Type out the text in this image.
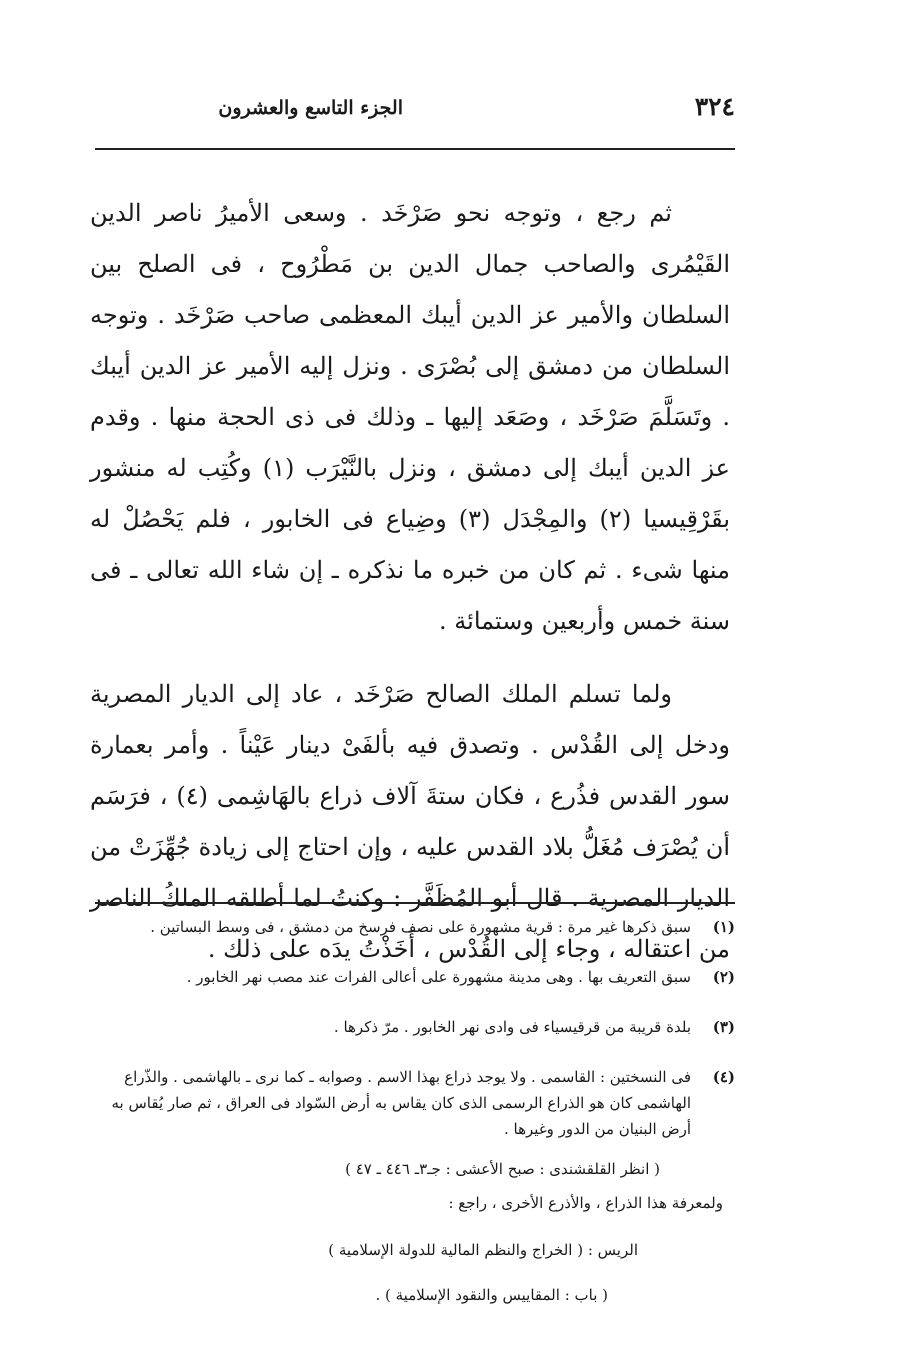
٣٢٤
الجزء التاسع والعشرون

ثم رجع ، وتوجه نحو صَرْخَد . وسعى الأميرُ ناصر الدين القَيْمُرى والصاحب جمال الدين بن مَطْرُوح ، فى الصلح بين السلطان والأمير عز الدين أيبك المعظمى صاحب صَرْخَد . وتوجه السلطان من دمشق إلى بُصْرَى . ونزل إليه الأمير عز الدين أيبك . وتَسَلَّمَ صَرْخَد ، وصَعَد إليها ـ وذلك فى ذى الحجة منها . وقدم عز الدين أيبك إلى دمشق ، ونزل بالنَّيْرَب (١) وكُتِب له منشور بقَرْقِيسيا (٢) والمِجْدَل (٣) وضِياع فى الخابور ، فلم يَحْصُلْ له منها شىء . ثم كان من خبره ما نذكره ـ إن شاء الله تعالى ـ فى سنة خمس وأربعين وستمائة .

ولما تسلم الملك الصالح صَرْخَد ، عاد إلى الديار المصرية ودخل إلى القُدْس . وتصدق فيه بألفَىْ دينار عَيْناً . وأمر بعمارة سور القدس فذُرع ، فكان ستةَ آلاف ذراع بالهَاشِمى (٤) ، فرَسَم أن يُصْرَف مُغَلُّ بلاد القدس عليه ، وإن احتاج إلى زيادة جُهِّزَتْ من الديار المصرية . قال أبو المُظَفَّر : وكنتُ لما أطلقه الملكُ الناصر من اعتقاله ، وجاء إلى القُدْس ، أَخَذْتُ يدَه على ذلك .

(١)
سبق ذكرها غير مرة : قرية مشهورة على نصف فرسخ من دمشق ، فى وسط البساتين .
(٢)
سبق التعريف بها . وهى مدينة مشهورة على أعالى الفرات عند مصب نهر الخابور .
(٣)
بلدة قريبة من قرقيسياء فى وادى نهر الخابور . مرّ ذكرها .
(٤)
فى النسختين : القاسمى . ولا يوجد ذراع بهذا الاسم . وصوابه ـ كما نرى ـ بالهاشمى . والذّراع الهاشمى كان هو الذراع الرسمى الذى كان يقاس به أرض السّواد فى العراق ، ثم صار يُقاس به أرض البنيان من الدور وغيرها .
( انظر القلقشندى : صبح الأعشى : جـ٣ـ ٤٤٦ ـ ٤٧ )
ولمعرفة هذا الذراع ، والأذرع الأخرى ، راجع :
الريس : ( الخراج والنظم المالية للدولة الإسلامية )
( باب : المقاييس والنقود الإسلامية ) .
